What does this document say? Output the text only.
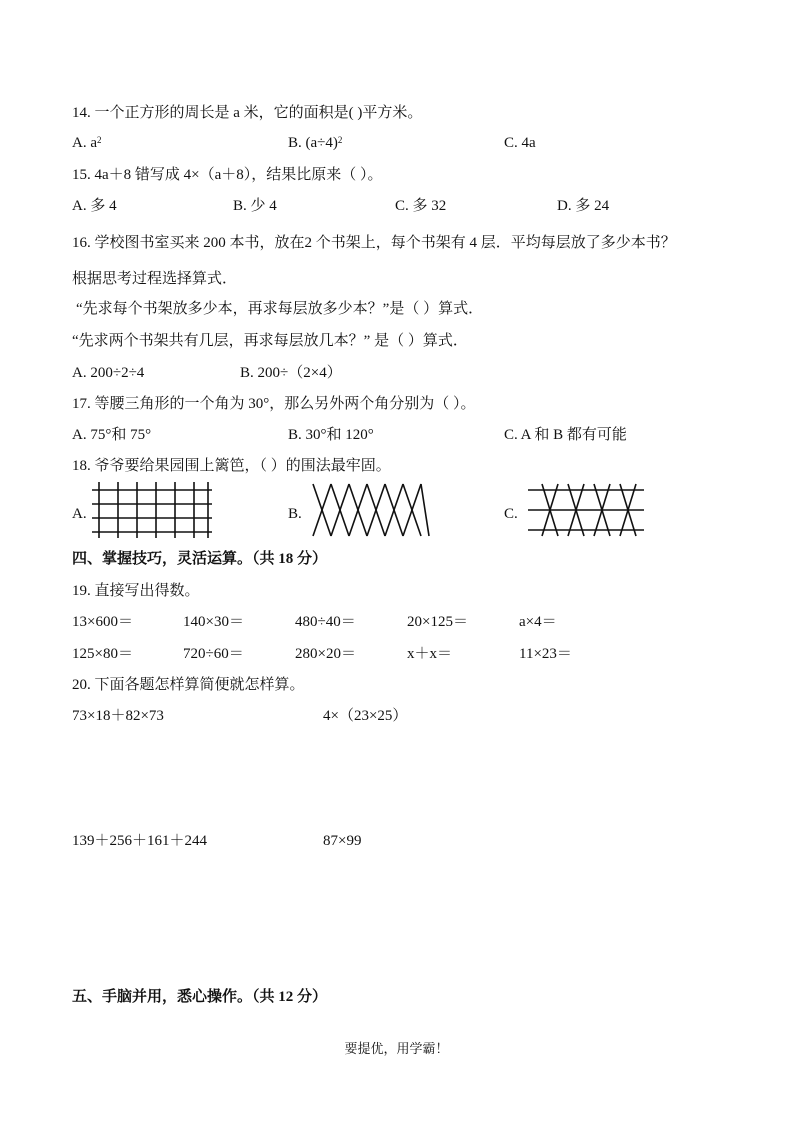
14. 一个正方形的周长是 a 米，它的面积是( )平方米。
A. $a^2$	B. $(a\div 4)^2$	C. 4a
15. 4a＋8 错写成 4×（a＋8），结果比原来（ ）。
A. 多 4	B. 少 4	C. 多 32	D. 多 24
16. 学校图书室买来 200 本书，放在2 个书架上，每个书架有 4 层．平均每层放了多少本书？
根据思考过程选择算式．
“先求每个书架放多少本，再求每层放多少本？”是（ ）算式．
“先求两个书架共有几层，再求每层放几本？” 是（ ）算式．
A. 200÷2÷4	B. 200÷（2×4）
17. 等腰三角形的一个角为 30°，那么另外两个角分别为（ ）。
A. 75°和 75°	B. 30°和 120°	C. A 和 B 都有可能
18. 爷爷要给果园围上篱笆，（ ）的围法最牢固。
A.	B.	C.
四、掌握技巧，灵活运算。（共 18 分）
19. 直接写出得数。
13×600＝	140×30＝	480÷40＝	20×125＝	a×4＝
125×80＝	720÷60＝	280×20＝	x＋x＝	11×23＝
20. 下面各题怎样算简便就怎样算。
73×18＋82×73	4×（23×25）
139＋256＋161＋244	87×99
五、手脑并用，悉心操作。（共 12 分）
要提优，用学霸！
